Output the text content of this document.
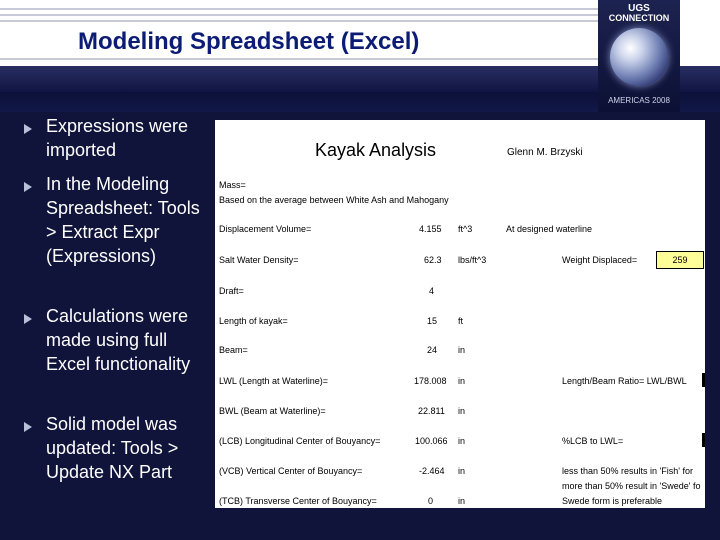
Modeling Spreadsheet (Excel)
UGS
CONNECTION
AMERICAS 2008
Expressions were imported
In the Modeling Spreadsheet: Tools > Extract Expr (Expressions)
Calculations were made using full Excel functionality
Solid model was updated: Tools > Update NX Part
Kayak Analysis	Glenn M. Brzyski
Mass=
Based on the average between White Ash and Mahogany
Displacement Volume=	4.155 ft^3	At designed waterline
Salt Water Density=	62.3 lbs/ft^3	Weight Displaced=	259
Draft=	4
Length of kayak=	15 ft
Beam=	24 in
LWL (Length at Waterline)=	178.008 in	Length/Beam Ratio= LWL/BWL
BWL (Beam at Waterline)=	22.811 in
(LCB) Longitudinal Center of Bouyancy=	100.066 in	%LCB to LWL=
(VCB) Vertical Center of Bouyancy=	-2.464 in	less than 50% results in 'Fish' for
more than 50% result in 'Swede' fo
(TCB) Transverse Center of Bouyancy=	0	in	Swede form is preferable
